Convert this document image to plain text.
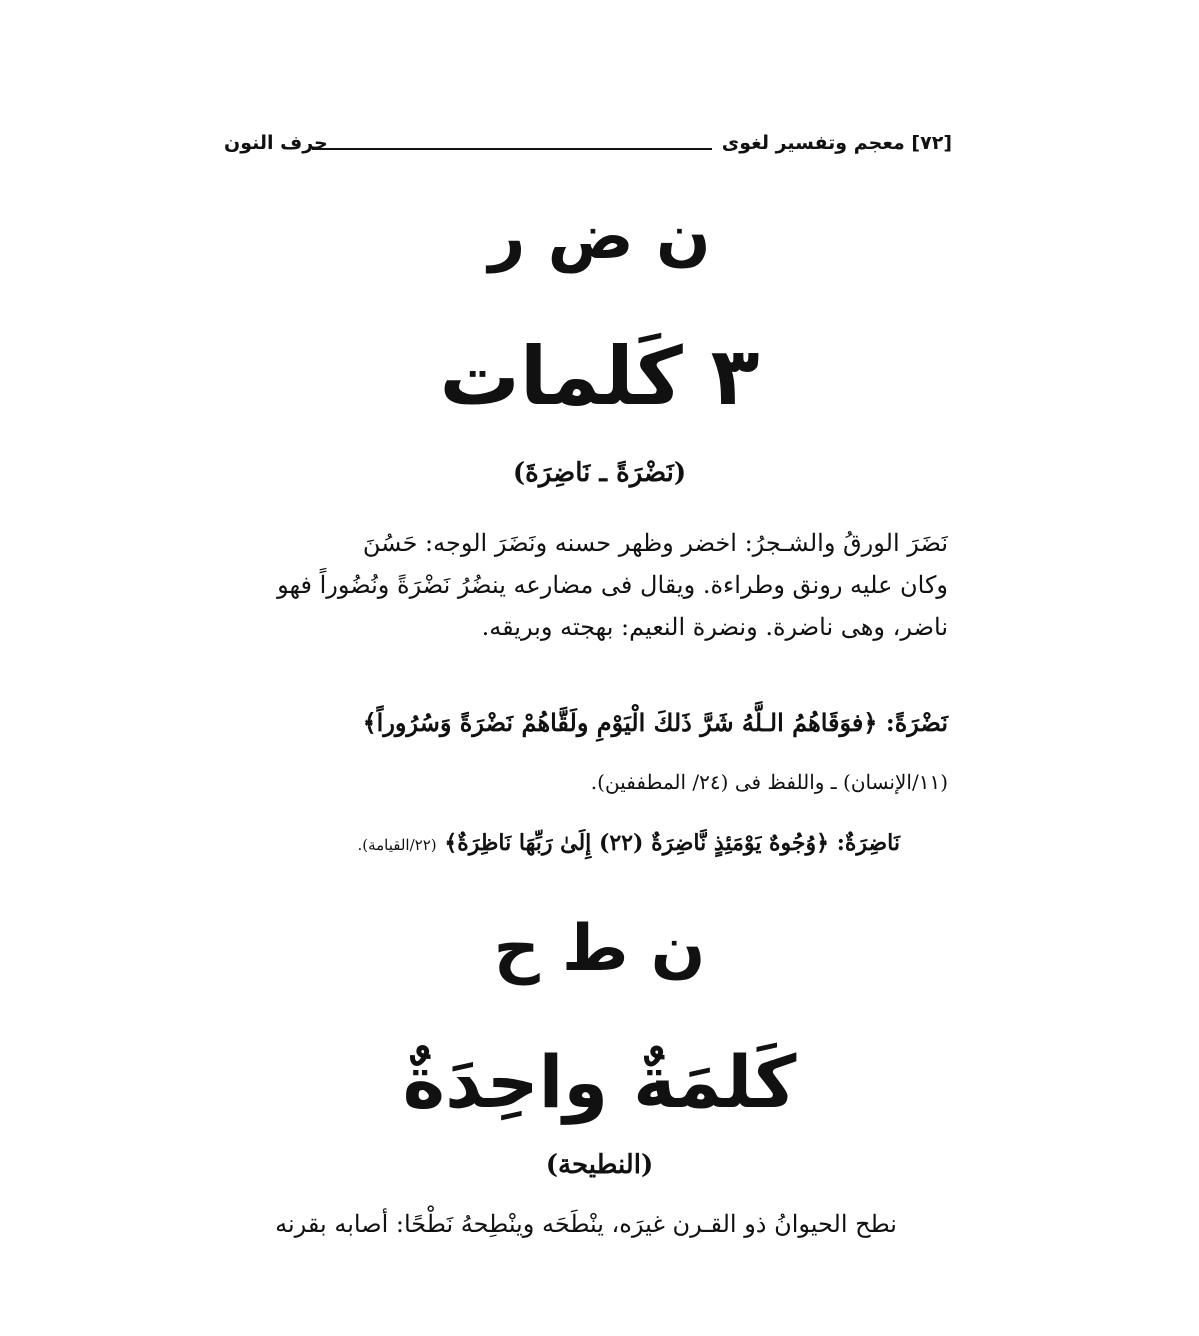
[٧٢] معجم وتفسير لغوى
حرف النون
ن ض ر
٣ كَلمات
(نَضْرَةً ـ نَاضِرَةَ)
نَضَرَ الورقُ والشـجرُ: اخضر وظهر حسنه ونَضَرَ الوجه: حَسُنَ
وكان عليه رونق وطراءة. ويقال فى مضارعه ينضُرُ نَضْرَةً ونُضُوراً فهو
ناضر، وهى ناضرة. ونضرة النعيم: بهجته وبريقه.
نَضْرَةً: ﴿فوَقَاهُمُ الـلَّهُ شَرَّ ذَلكَ الْيَوْمِ ولَقَّاهُمْ نَضْرَةً وَسُرُوراً﴾
(١١/الإنسان) ـ واللفظ فى (٢٤/ المطففين).
نَاضِرَةٌ: ﴿وُجُوهٌ يَوْمَئِذٍ نَّاضِرَةٌ (٢٢) إِلَىٰ رَبِّهَا نَاظِرَةٌ﴾ (٢٢/القيامة).
ن ط ح
كَلمَةٌ واحِدَةٌ
(النطيحة)
نطح الحيوانُ ذو القـرن غيرَه، ينْطَحَه وينْطِحهُ نَطْحًا: أصابه بقرنه
